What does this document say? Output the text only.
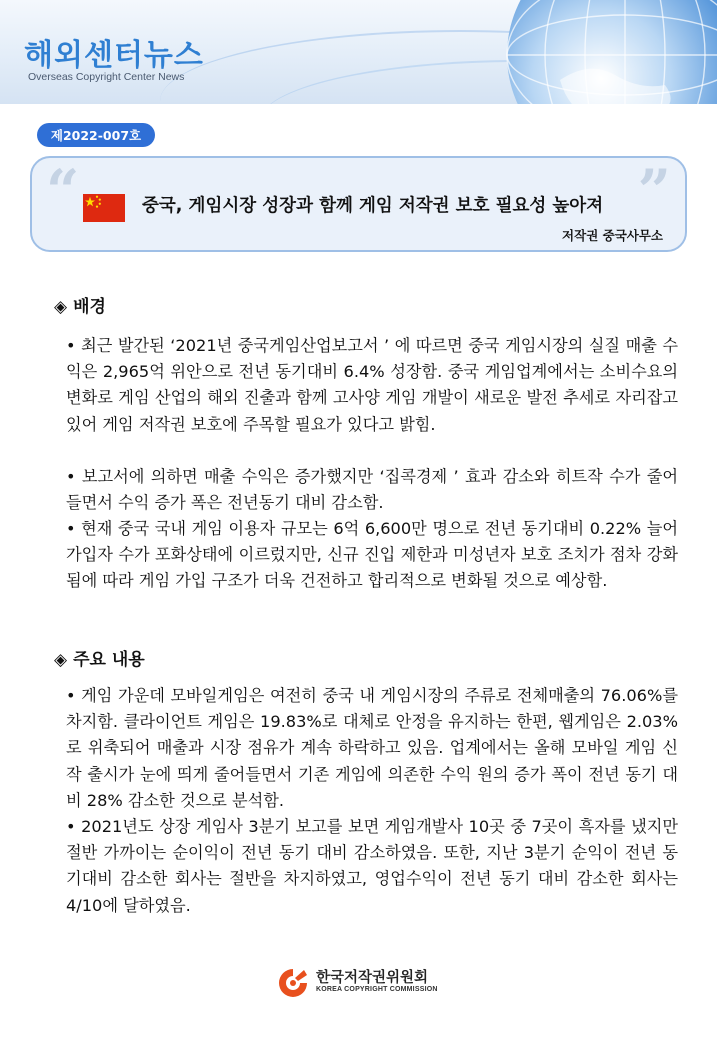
해외센터뉴스
Overseas Copyright Center News
제2022-007호
“	”
중국, 게임시장 성장과 함께 게임 저작권 보호 필요성 높아져
저작권 중국사무소
◈ 배경

• 최근 발간된 ‘2021년 중국게임산업보고서 ’ 에 따르면 중국 게임시장의 실질 매출 수익은 2,965억 위안으로 전년 동기대비 6.4% 성장함. 중국 게임업계에서는 소비수요의 변화로 게임 산업의 해외 진출과 함께 고사양 게임 개발이 새로운 발전 추세로 자리잡고 있어 게임 저작권 보호에 주목할 필요가 있다고 밝힘.

• 보고서에 의하면 매출 수익은 증가했지만 ‘집콕경제 ’ 효과 감소와 히트작 수가 줄어들면서 수익 증가 폭은 전년동기 대비 감소함.

• 현재 중국 국내 게임 이용자 규모는 6억 6,600만 명으로 전년 동기대비 0.22% 늘어 가입자 수가 포화상태에 이르렀지만, 신규 진입 제한과 미성년자 보호 조치가 점차 강화됨에 따라 게임 가입 구조가 더욱 건전하고 합리적으로 변화될 것으로 예상함.

◈ 주요 내용

• 게임 가운데 모바일게임은 여전히 중국 내 게임시장의 주류로 전체매출의 76.06%를 차지함. 클라이언트 게임은 19.83%로 대체로 안정을 유지하는 한편, 웹게임은 2.03%로 위축되어 매출과 시장 점유가 계속 하락하고 있음. 업계에서는 올해 모바일 게임 신작 출시가 눈에 띄게 줄어들면서 기존 게임에 의존한 수익 원의 증가 폭이 전년 동기 대비 28% 감소한 것으로 분석함.

• 2021년도 상장 게임사 3분기 보고를 보면 게임개발사 10곳 중 7곳이 흑자를 냈지만 절반 가까이는 순이익이 전년 동기 대비 감소하였음. 또한, 지난 3분기 순익이 전년 동기대비 감소한 회사는 절반을 차지하였고, 영업수익이 전년 동기 대비 감소한 회사는 4/10에 달하였음.

한국저작권위원회
KOREA COPYRIGHT COMMISSION
